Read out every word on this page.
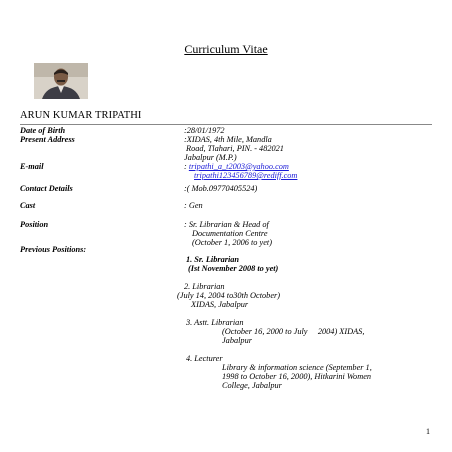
Curriculum Vitae
ARUN KUMAR TRIPATHI
Date of Birth
Present Address
E-mail
Contact Details
Cast
Position
Previous Positions:
:28/01/1972
:XIDAS, 4th Mile, Mandla
Road, Tlahari, PIN. - 482021
Jabalpur (M.P.)
: tripathi_a_t2003@yahoo.com
tripathi123456789@rediff.com
:( Mob.09770405524)
: Gen
: Sr. Librarian & Head of
Documentation Centre
(October 1, 2006 to yet)
1. Sr. Librarian
(Ist November 2008 to yet)
2. Librarian
(July 14, 2004 to30th October)
XIDAS, Jabalpur
3. Astt. Librarian
(October 16, 2000 to July     2004) XIDAS,
Jabalpur
4. Lecturer
Library & information science (September 1,
1998 to October 16, 2000), Hitkarini Women
College, Jabalpur
1
